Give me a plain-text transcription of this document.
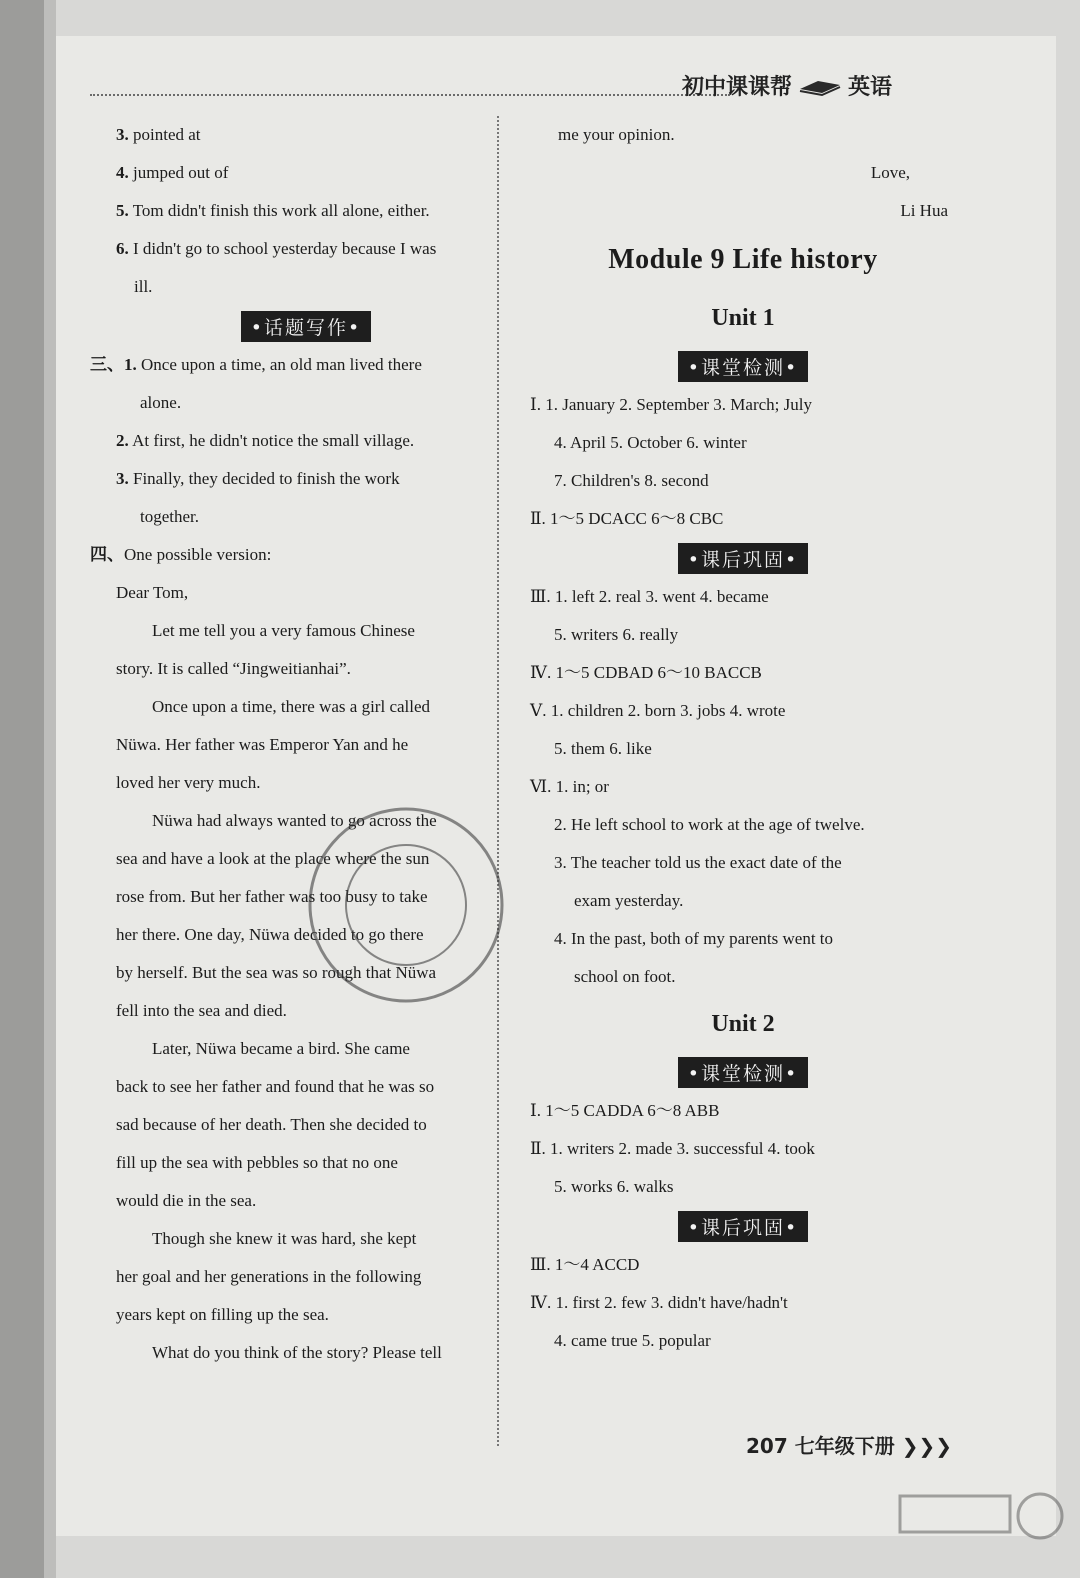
初中课课帮	英语
3. pointed at
4. jumped out of
5. Tom didn't finish this work all alone, either.
6. I didn't go to school yesterday because I was
ill.
•话题写作•
三、1. Once upon a time, an old man lived there
alone.
2. At first, he didn't notice the small village.
3. Finally, they decided to finish the work
together.
四、One possible version:
Dear Tom,
Let me tell you a very famous Chinese
story. It is called “Jingweitianhai”.
Once upon a time, there was a girl called
Nüwa. Her father was Emperor Yan and he
loved her very much.
Nüwa had always wanted to go across the
sea and have a look at the place where the sun
rose from. But her father was too busy to take
her there. One day, Nüwa decided to go there
by herself. But the sea was so rough that Nüwa
fell into the sea and died.
Later, Nüwa became a bird. She came
back to see her father and found that he was so
sad because of her death. Then she decided to
fill up the sea with pebbles so that no one
would die in the sea.
Though she knew it was hard, she kept
her goal and her generations in the following
years kept on filling up the sea.
What do you think of the story? Please tell
me your opinion.
Love,
Li Hua
Module 9 Life history
Unit 1
•课堂检测•
Ⅰ. 1. January 2. September 3. March; July
4. April 5. October 6. winter
7. Children's 8. second
Ⅱ. 1～5 DCACC 6～8 CBC
•课后巩固•
Ⅲ. 1. left 2. real 3. went 4. became
5. writers 6. really
Ⅳ. 1～5 CDBAD 6～10 BACCB
Ⅴ. 1. children 2. born 3. jobs 4. wrote
5. them 6. like
Ⅵ. 1. in; or
2. He left school to work at the age of twelve.
3. The teacher told us the exact date of the
exam yesterday.
4. In the past, both of my parents went to
school on foot.
Unit 2
•课堂检测•
Ⅰ. 1～5 CADDA 6～8 ABB
Ⅱ. 1. writers 2. made 3. successful 4. took
5. works 6. walks
•课后巩固•
Ⅲ. 1～4 ACCD
Ⅳ. 1. first 2. few 3. didn't have/hadn't
4. came true 5. popular
207 七年级下册 ❯❯❯
